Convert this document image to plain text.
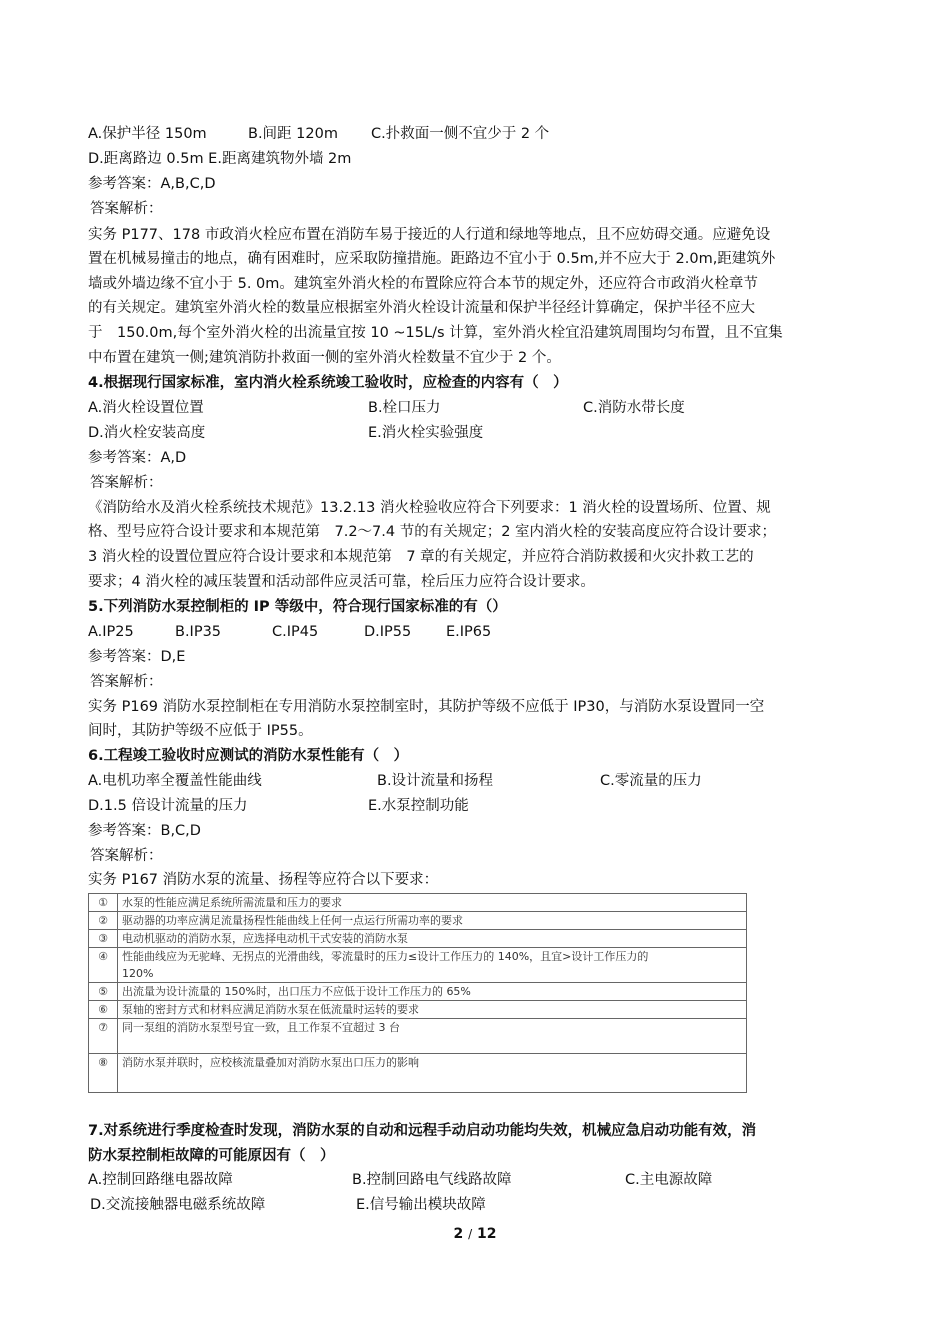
A.保护半径 150m	B.间距 120m C.扑救面一侧不宜少于 2 个
D.距离路边 0.5m E.距离建筑物外墙 2m
参考答案：A,B,C,D
答案解析：
实务 P177、178 市政消火栓应布置在消防车易于接近的人行道和绿地等地点，且不应妨碍交通。应避免设
置在机械易撞击的地点，确有困难时，应采取防撞措施。距路边不宜小于 0.5m,并不应大于 2.0m,距建筑外
墙或外墙边缘不宜小于 5. 0m。建筑室外消火栓的布置除应符合本节的规定外，还应符合市政消火栓章节
的有关规定。建筑室外消火栓的数量应根据室外消火栓设计流量和保护半径经计算确定，保护半径不应大
于　150.0m,每个室外消火栓的出流量宜按 10 ~15L/s 计算，室外消火栓宜沿建筑周围均匀布置，且不宜集
中布置在建筑一侧;建筑消防扑救面一侧的室外消火栓数量不宜少于 2 个。
4.根据现行国家标准，室内消火栓系统竣工验收时，应检查的内容有（　）
A.消火栓设置位置	B.栓口压力	C.消防水带长度
D.消火栓安装高度	E.消火栓实验强度
参考答案：A,D
答案解析：
《消防给水及消火栓系统技术规范》13.2.13 消火栓验收应符合下列要求：1 消火栓的设置场所、位置、规
格、型号应符合设计要求和本规范第　7.2～7.4 节的有关规定；2 室内消火栓的安装高度应符合设计要求；
3 消火栓的设置位置应符合设计要求和本规范第　7 章的有关规定，并应符合消防救援和火灾扑救工艺的
要求；4 消火栓的减压装置和活动部件应灵活可靠，栓后压力应符合设计要求。
5.下列消防水泵控制柜的 IP 等级中，符合现行国家标准的有（）
A.IP25	B.IP35	C.IP45	D.IP55 E.IP65
参考答案：D,E
答案解析：
实务 P169 消防水泵控制柜在专用消防水泵控制室时，其防护等级不应低于 IP30，与消防水泵设置同一空
间时，其防护等级不应低于 IP55。
6.工程竣工验收时应测试的消防水泵性能有（　）
A.电机功率全覆盖性能曲线	B.设计流量和扬程	C.零流量的压力
D.1.5 倍设计流量的压力	E.水泵控制功能
参考答案：B,C,D
答案解析：
实务 P167 消防水泵的流量、扬程等应符合以下要求：
①	水泵的性能应满足系统所需流量和压力的要求
②	驱动器的功率应满足流量扬程性能曲线上任何一点运行所需功率的要求
③	电动机驱动的消防水泵，应选择电动机干式安装的消防水泵
④	性能曲线应为无驼峰、无拐点的光滑曲线，零流量时的压力≤设计工作压力的 140%，且宜>设计工作压力的
120%

⑤	出流量为设计流量的 150%时，出口压力不应低于设计工作压力的 65%
⑥	泵轴的密封方式和材料应满足消防水泵在低流量时运转的要求
⑦	同一泵组的消防水泵型号宜一致，且工作泵不宜超过 3 台
⑧	消防水泵并联时，应校核流量叠加对消防水泵出口压力的影响
7.对系统进行季度检查时发现，消防水泵的自动和远程手动启动功能均失效，机械应急启动功能有效，消
防水泵控制柜故障的可能原因有（　）
A.控制回路继电器故障	B.控制回路电气线路故障	C.主电源故障
D.交流接触器电磁系统故障	E.信号输出模块故障
2 / 12
